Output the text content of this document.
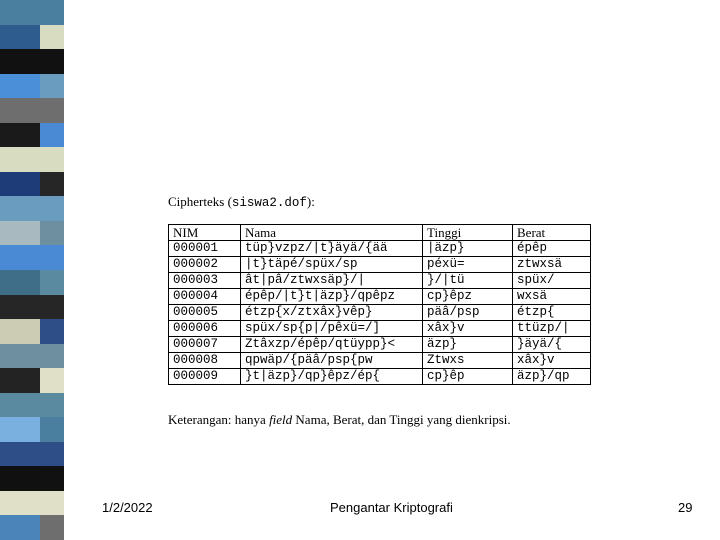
Cipherteks (siswa2.dof):
NIM	Nama	Tinggi	Berat
000001	tüp}vzpz/|t}äyä/{ää	|äzp}	épêp
000002	|t}täpé/spüx/sp	péxü=	ztwxsä
000003	ât|pâ/ztwxsäp}/|	}/|tü	spüx/
000004	épêp/|t}t|äzp}/qpêpz	cp}êpz	wxsä
000005	étzp{x/ztxâx}vêp}	päâ/psp	étzp{
000006	spüx/sp{p|/pêxü=/]	xâx}v	ttüzp/|
000007	Ztâxzp/épêp/qtüypp}<	äzp}	}äyä/{
000008	qpwäp/{päâ/psp{pw	Ztwxs	xâx}v
000009	}t|äzp}/qp}êpz/ép{	cp}êp	äzp}/qp
Keterangan: hanya field Nama, Berat, dan Tinggi yang dienkripsi.
1/2/2022	Pengantar Kriptografi	29
